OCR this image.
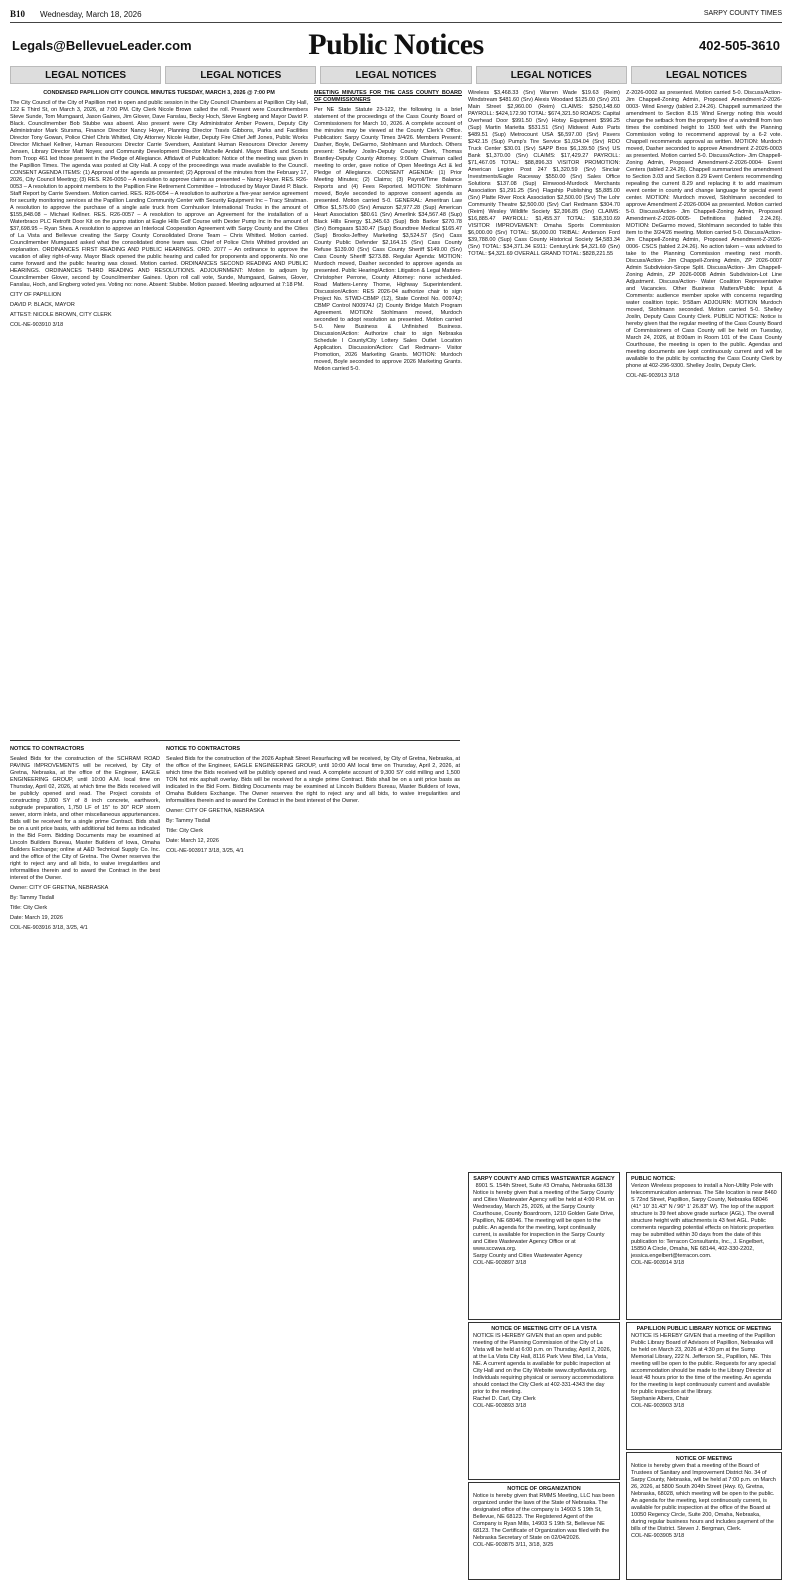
B10 Wednesday, March 18, 2026	SARPY COUNTY TIMES
Legals@BellevueLeader.com	Public Notices	402-505-3610
LEGAL NOTICES	LEGAL NOTICES	LEGAL NOTICES	LEGAL NOTICES	LEGAL NOTICES

CONDENSED PAPILLION CITY COUNCIL MINUTES TUESDAY, MARCH 3, 2026 @ 7:00 PM

The City Council of the City of Papillion met in open and public session in the City Council Chambers at Papillion City Hall, 122 E Third St, on March 3, 2026, at 7:00 PM. City Clerk Nicole Brown called the roll. Present were Councilmembers Steve Sunde, Tom Mumgaard, Jason Gaines, Jim Glover, Dave Fanslau, Becky Hoch, Steve Engberg and Mayor David P. Black. Councilmember Bob Stubbe was absent. Also present were City Administrator Amber Powers, Deputy City Administrator Mark Stursma, Finance Director Nancy Hoyer, Planning Director Travis Gibbons, Parks and Facilities Director Tony Gowan, Police Chief Chris Whitted, City Attorney Nicole Hutter, Deputy Fire Chief Jeff Jones, Public Works Director Michael Kellner, Human Resources Director Carrie Svendsen, Assistant Human Resources Director Jeremy Jensen, Library Director Matt Noyes; and Community Development Director Michelle Andahl. Mayor Black and Scouts from Troop 461 led those present in the Pledge of Allegiance. Affidavit of Publication: Notice of the meeting was given in the Papillion Times. The agenda was posted at City Hall. A copy of the proceedings was made available to the Council. CONSENT AGENDA ITEMS: (1) Approval of the agenda as presented; (2) Approval of the minutes from the February 17, 2026, City Council Meeting; (3) RES. R26-0050 – A resolution to approve claims as presented – Nancy Hoyer. RES. R26-0053 – A resolution to appoint members to the Papillion Fine Retirement Committee – Introduced by Mayor David P. Black. Staff Report by Carrie Svendsen. Motion carried. RES. R26-0054 – A resolution to authorize a five-year service agreement for security monitoring services at the Papillion Landing Community Center with Security Equipment Inc – Tracy Stratman. A resolution to approve the purchase of a single axle truck from Cornhusker International Trucks in the amount of $155,848.08 – Michael Kellner. RES. R26-0057 – A resolution to approve an Agreement for the installation of a Waterbraco PLC Retrofit Door Kit on the pump station at Eagle Hills Golf Course with Dexter Pump Inc in the amount of $37,698.95 – Ryan Shea. A resolution to approve an Interlocal Cooperation Agreement with Sarpy County and the Cities of La Vista and Bellevue creating the Sarpy County Consolidated Drone Team – Chris Whitted. Motion carried. Councilmember Mumgaard asked what the consolidated drone team was. Chief of Police Chris Whitted provided an explanation. ORDINANCES FIRST READING AND PUBLIC HEARINGS. ORD. 2077 – An ordinance to approve the vacation of alley right-of-way. Mayor Black opened the public hearing and called for proponents and opponents. No one came forward and the public hearing was closed. Motion carried. ORDINANCES SECOND READING AND PUBLIC HEARINGS. ORDINANCES THIRD READING AND RESOLUTIONS. ADJOURNMENT: Motion to adjourn by Councilmember Glover, second by Councilmember Gaines. Upon roll call vote, Sunde, Mumgaard, Gaines, Glover, Fanslau, Hoch, and Engberg voted yes. Voting no: none. Absent: Stubbe. Motion passed. Meeting adjourned at 7:18 PM.

CITY OF PAPILLION

DAVID P. BLACK, MAYOR

ATTEST: NICOLE BROWN, CITY CLERK

COL-NE-903910 3/18

MEETING MINUTES FOR THE CASS COUNTY BOARD OF COMMISSIONERS

Per NE State Statute 23-122, the following is a brief statement of the proceedings of the Cass County Board of Commissioners for March 10, 2026. A complete account of the minutes may be viewed at the County Clerk's Office. Publication: Sarpy County Times 3/4/26. Members Present: Dasher, Boyle, DeGarmo, Stohlmann and Murdoch. Others present: Shelley Joslin-Deputy County Clerk, Thomas Brantley-Deputy County Attorney. 9:00am Chairman called meeting to order, gave notice of Open Meetings Act & led Pledge of Allegiance. CONSENT AGENDA: (1) Prior Meeting Minutes; (2) Claims; (3) Payroll/Time Balance Reports and (4) Fees Reported. MOTION: Stohlmann moved, Boyle seconded to approve consent agenda as presented. Motion carried 5-0. GENERAL: Ameritran Law Office $1,575.00 (Srv) Amazon $2,977.28 (Sup) American Heart Association $80.61 (Srv) Amerlink $34,567.48 (Sup) Black Hills Energy $1,345.63 (Sup) Bob Barker $270.78 (Srv) Bomgaars $130.47 (Sup) Boundtree Medical $165.47 (Sup) Brooks-Jeffrey Marketing $3,524.57 (Srv) Cass County Public Defender $2,164.15 (Srv) Cass County Refuse $139.00 (Srv) Cass County Sheriff $149.00 (Srv) Cass County Sheriff $273.88. Regular Agenda: MOTION: Murdoch moved, Dasher seconded to approve agenda as presented. Public Hearing/Action: Litigation & Legal Matters-Christopher Perrone, County Attorney: none scheduled. Road Matters-Lenny Thome, Highway Superintendent. Discussion/Action: RES 2026-04 authorize chair to sign Project No. STWD-CBMP (12), State Control No. 00974J; CBMP Control N00974J (2) County Bridge Match Program Agreement. MOTION: Stohlmann moved, Murdoch seconded to adopt resolution as presented. Motion carried 5-0. New Business & Unfinished Business. Discussion/Action: Authorize chair to sign Nebraska Schedule I County/City Lottery Sales Outlet Location Application. Discussion/Action: Carl Redmann- Visitor Promotion, 2026 Marketing Grants. MOTION: Murdoch moved, Boyle seconded to approve 2026 Marketing Grants. Motion carried 5-0.

Wireless $3,468.33 (Srv) Warren Wade $19.63 (Reim) Windstream $481.60 (Srv) Alexis Woodard $125.00 (Srv) 201 Main Street $2,960.00 (Reim) CLAIMS: $250,148.60 PAYROLL: $424,172.90 TOTAL: $674,321.50 ROADS: Capital Overhead Door $991.50 (Srv) Hotsy Equipment $596.25 (Sup) Martin Marietta $531.51 (Srv) Midwest Auto Parts $489.51 (Sup) Metrocount USA $6,597.00 (Srv) Pavers $242.15 (Sup) Pump's Tire Service $1,034.04 (Srv) RDO Truck Center $30.01 (Srv) SAPP Bros $6,139.50 (Srv) US Bank $1,370.00 (Srv) CLAIMS: $17,429.27 PAYROLL: $71,467.05 TOTAL: $88,896.33 VISITOR PROMOTION: American Legion Post 247 $1,320.59 (Srv) Sinclair Investments/Eagle Raceway $550.00 (Srv) Sales Office Solutions $137.08 (Sup) Elmwood-Murdock Merchants Association $1,291.25 (Srv) Flagship Publishing $5,885.00 (Srv) Platte River Rock Association $2,500.00 (Srv) The Lohr Community Theatre $2,500.00 (Srv) Carl Redmann $304.70 (Reim) Wesley Wildlife Society $2,396.85 (Srv) CLAIMS: $16,885.47 PAYROLL: $1,455.37 TOTAL: $18,310.69 VISITOR IMPROVEMENT: Omaha Sports Commission $6,000.00 (Srv) TOTAL: $6,000.00 TRIBAL: Anderson Ford $39,788.00 (Sup) Cass County Historical Society $4,583.34 (Srv) TOTAL: $34,371.34 E911: CenturyLink $4,321.69 (Srv) TOTAL: $4,321.69 OVERALL GRAND TOTAL: $828,221.55

Z-2026-0002 as presented. Motion carried 5-0. Discuss/Action- Jim Chappell-Zoning Admin, Proposed Amendment-Z-2026-0003- Wind Energy (tabled 2.24.26). Chappell summarized the amendment to Section 8.15 Wind Energy noting this would change the setback from the property line of a windmill from two times the combined height to 1500 feet with the Planning Commission voting to recommend approval by a 6-2 vote. Chappell recommends approval as written. MOTION: Murdoch moved, Dasher seconded to approve Amendment Z-2026-0003 as presented. Motion carried 5-0. Discuss/Action- Jim Chappell-Zoning Admin, Proposed Amendment-Z-2026-0004- Event Centers (tabled 2.24.26). Chappell summarized the amendment to Section 3.03 and Section 8.29 Event Centers recommending repealing the current 8.29 and replacing it to add maximum event center in county and change language for special event center. MOTION: Murdoch moved, Stohlmann seconded to approve Amendment Z-2026-0004 as presented. Motion carried 5-0. Discuss/Action- Jim Chappell-Zoning Admin, Proposed Amendment-Z-2026-0005- Definitions (tabled 2.24.26). MOTION: DeGarmo moved, Stohlmann seconded to table this item to the 3/24/26 meeting. Motion carried 5-0. Discuss/Action- Jim Chappell-Zoning Admin, Proposed Amendment-Z-2026-0006- CSCS (tabled 2.24.26). No action taken – was advised to take to the Planning Commission meeting next month. Discuss/Action- Jim Chappell-Zoning Admin, ZP 2026-0007 Admin Subdivision-Sirope Split. Discuss/Action- Jim Chappell-Zoning Admin, ZP 2026-0008 Admin Subdivision-Lot Line Adjustment. Discuss/Action- Water Coalition Representative and Vacancies. Other Business Matters/Public Input & Comments: audience member spoke with concerns regarding water coalition topic. 9:58am ADJOURN: MOTION Murdoch moved, Stohlmann seconded. Motion carried 5-0. Shelley Joslin, Deputy Cass County Clerk. PUBLIC NOTICE: Notice is hereby given that the regular meeting of the Cass County Board of Commissioners of Cass County will be held on Tuesday, March 24, 2026, at 8:00am in Room 101 of the Cass County Courthouse, the meeting is open to the public. Agendas and meeting documents are kept continuously current and will be available to the public by contacting the Cass County Clerk by phone at 402-296-9300. Shelley Joslin, Deputy Clerk.

COL-NE-903913 3/18

NOTICE TO CONTRACTORS

Sealed Bids for the construction of the SCHRAM ROAD PAVING IMPROVEMENTS will be received, by City of Gretna, Nebraska, at the office of the Engineer, EAGLE ENGINEERING GROUP, until 10:00 A.M. local time on Thursday, April 02, 2026, at which time the Bids received will be publicly opened and read. The Project consists of constructing 3,000 SY of 8 inch concrete, earthwork, subgrade preparation, 1,750 LF of 15" to 30" RCP storm sewer, storm inlets, and other miscellaneous appurtenances. Bids will be received for a single prime Contract. Bids shall be on a unit price basis, with additional bid items as indicated in the Bid Form. Bidding Documents may be examined at Lincoln Builders Bureau, Master Builders of Iowa, Omaha Builders Exchange; online at A&D Technical Supply Co. Inc. and the office of the City of Gretna. The Owner reserves the right to reject any and all bids, to waive irregularities and informalities therein and to award the Contract in the best interest of the Owner.

Owner: CITY OF GRETNA, NEBRASKA

By: Tammy Tisdall

Title: City Clerk

Date: March 19, 2026

COL-NE-903916 3/18, 3/25, 4/1

NOTICE TO CONTRACTORS

Sealed Bids for the construction of the 2026 Asphalt Street Resurfacing will be received, by City of Gretna, Nebraska, at the office of the Engineer, EAGLE ENGINEERING GROUP, until 10:00 AM local time on Thursday, April 2, 2026, at which time the Bids received will be publicly opened and read. A complete account of 9,300 SY cold milling and 1,500 TON hot mix asphalt overlay. Bids will be received for a single prime Contract. Bids shall be on a unit price basis as indicated in the Bid Form. Bidding Documents may be examined at Lincoln Builders Bureau, Master Builders of Iowa, Omaha Builders Exchange. The Owner reserves the right to reject any and all bids, to waive irregularities and informalities therein and to award the Contract in the best interest of the Owner.

Owner: CITY OF GRETNA, NEBRASKA

By: Tammy Tisdall

Title: City Clerk

Date: March 12, 2026

COL-NE-903917 3/18, 3/25, 4/1

SARPY COUNTY AND CITIES WASTEWATER AGENCY
8901 S. 154th Street, Suite #3 Omaha, Nebraska 68138
Notice is hereby given that a meeting of the Sarpy County and Cities Wastewater Agency will be held at 4:00 P.M. on Wednesday, March 25, 2026, at the Sarpy County Courthouse, County Boardroom, 1210 Golden Gate Drive, Papillion, NE 68046. The meeting will be open to the public. An agenda for the meeting, kept continually current, is available for inspection in the Sarpy County and Cities Wastewater Agency Office or at www.sccwwa.org.
Sarpy County and Cities Wastewater Agency
COL-NE-903897 3/18
NOTICE OF MEETING CITY OF LA VISTA
NOTICE IS HEREBY GIVEN that an open and public meeting of the Planning Commission of the City of La Vista will be held at 6:00 p.m. on Thursday, April 2, 2026, at the La Vista City Hall, 8116 Park View Blvd, La Vista, NE. A current agenda is available for public inspection at City Hall and on the City Website www.cityoflavista.org. Individuals requiring physical or sensory accommodations should contact the City Clerk at 402-331-4343 the day prior to the meeting.
Rachel D. Carl, City Clerk
COL-NE-903893 3/18
NOTICE OF ORGANIZATION
Notice is hereby given that RMMS Meeting, LLC has been organized under the laws of the State of Nebraska. The designated office of the company is 14903 S 19th St, Bellevue, NE 68123. The Registered Agent of the Company is Ryan Mills, 14903 S 19th St, Bellevue NE 68123. The Certificate of Organization was filed with the Nebraska Secretary of State on 02/04/2026.
COL-NE-903875 3/11, 3/18, 3/25
PUBLIC NOTICE:
Verizon Wireless proposes to install a Non-Utility Pole with telecommunication antennas. The Site location is near 8460 S 72nd Street, Papillion, Sarpy County, Nebraska 68046 (41° 10' 31.43" N / 96° 1' 26.83" W). The top of the support structure is 39 feet above grade surface (AGL). The overall structure height with attachments is 43 feet AGL. Public comments regarding potential effects on historic properties may be submitted within 30 days from the date of this publication to: Terracon Consultants, Inc., J. Engelbert, 15850 A Circle, Omaha, NE 68144, 402-330-2202, jessica.engelbert@terracon.com.
COL-NE-903914 3/18
PAPILLION PUBLIC LIBRARY NOTICE OF MEETING
NOTICE IS HEREBY GIVEN that a meeting of the Papillion Public Library Board of Advisors of Papillion, Nebraska will be held on March 23, 2026 at 4:30 pm at the Sump Memorial Library, 222 N. Jefferson St., Papillion, NE. This meeting will be open to the public. Requests for any special accommodation should be made to the Library Director at least 48 hours prior to the time of the meeting. An agenda for the meeting is kept continuously current and available for public inspection at the library.
Stephanie Albers, Chair
COL-NE-903903 3/18
NOTICE OF MEETING
Notice is hereby given that a meeting of the Board of Trustees of Sanitary and Improvement District No. 34 of Sarpy County, Nebraska, will be held at 7:00 p.m. on March 26, 2026, at 5800 South 204th Street (Hwy. 6), Gretna, Nebraska, 68028, which meeting will be open to the public. An agenda for the meeting, kept continuously current, is available for public inspection at the office of the Board at 10050 Regency Circle, Suite 200, Omaha, Nebraska, during regular business hours and includes payment of the bills of the District. Steven J. Bergman, Clerk.
COL-NE-903905 3/18
